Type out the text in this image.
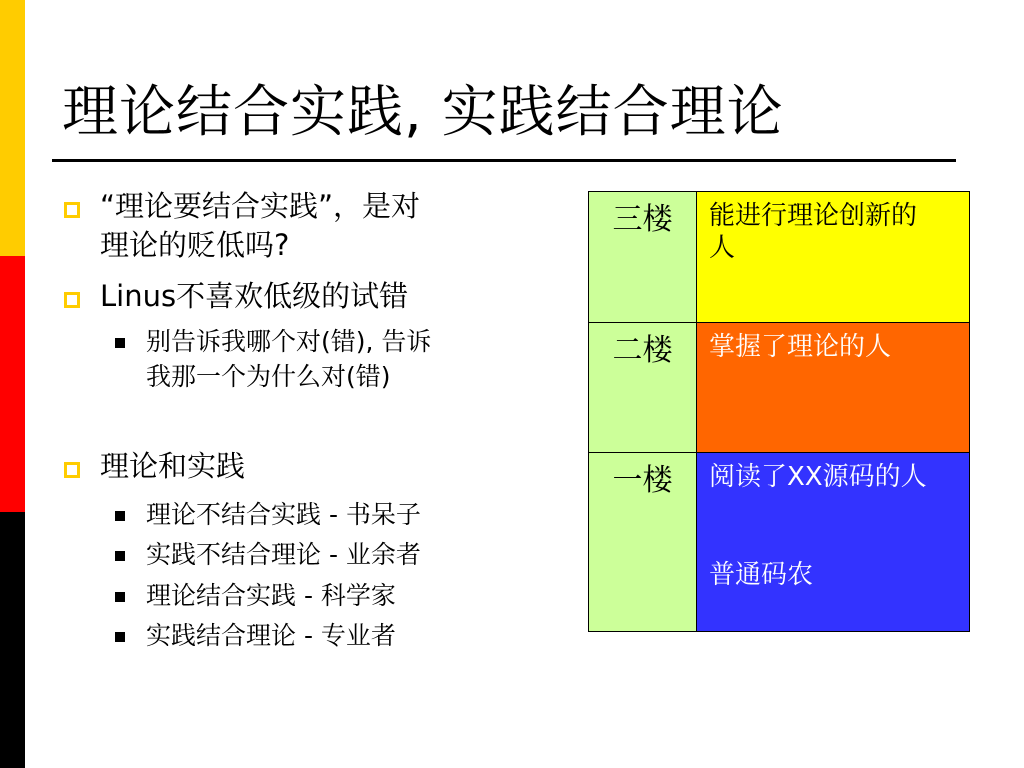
理论结合实践, 实践结合理论
“理论要结合实践”，是对
理论的贬低吗?
Linus不喜欢低级的试错
别告诉我哪个对(错), 告诉
我那一个为什么对(错)
理论和实践
理论不结合实践 - 书呆子
实践不结合理论 - 业余者
理论结合实践 - 科学家
实践结合理论 - 专业者
三楼	能进行理论创新的
人
二楼	掌握了理论的人
一楼	阅读了XX源码的人
普通码农
